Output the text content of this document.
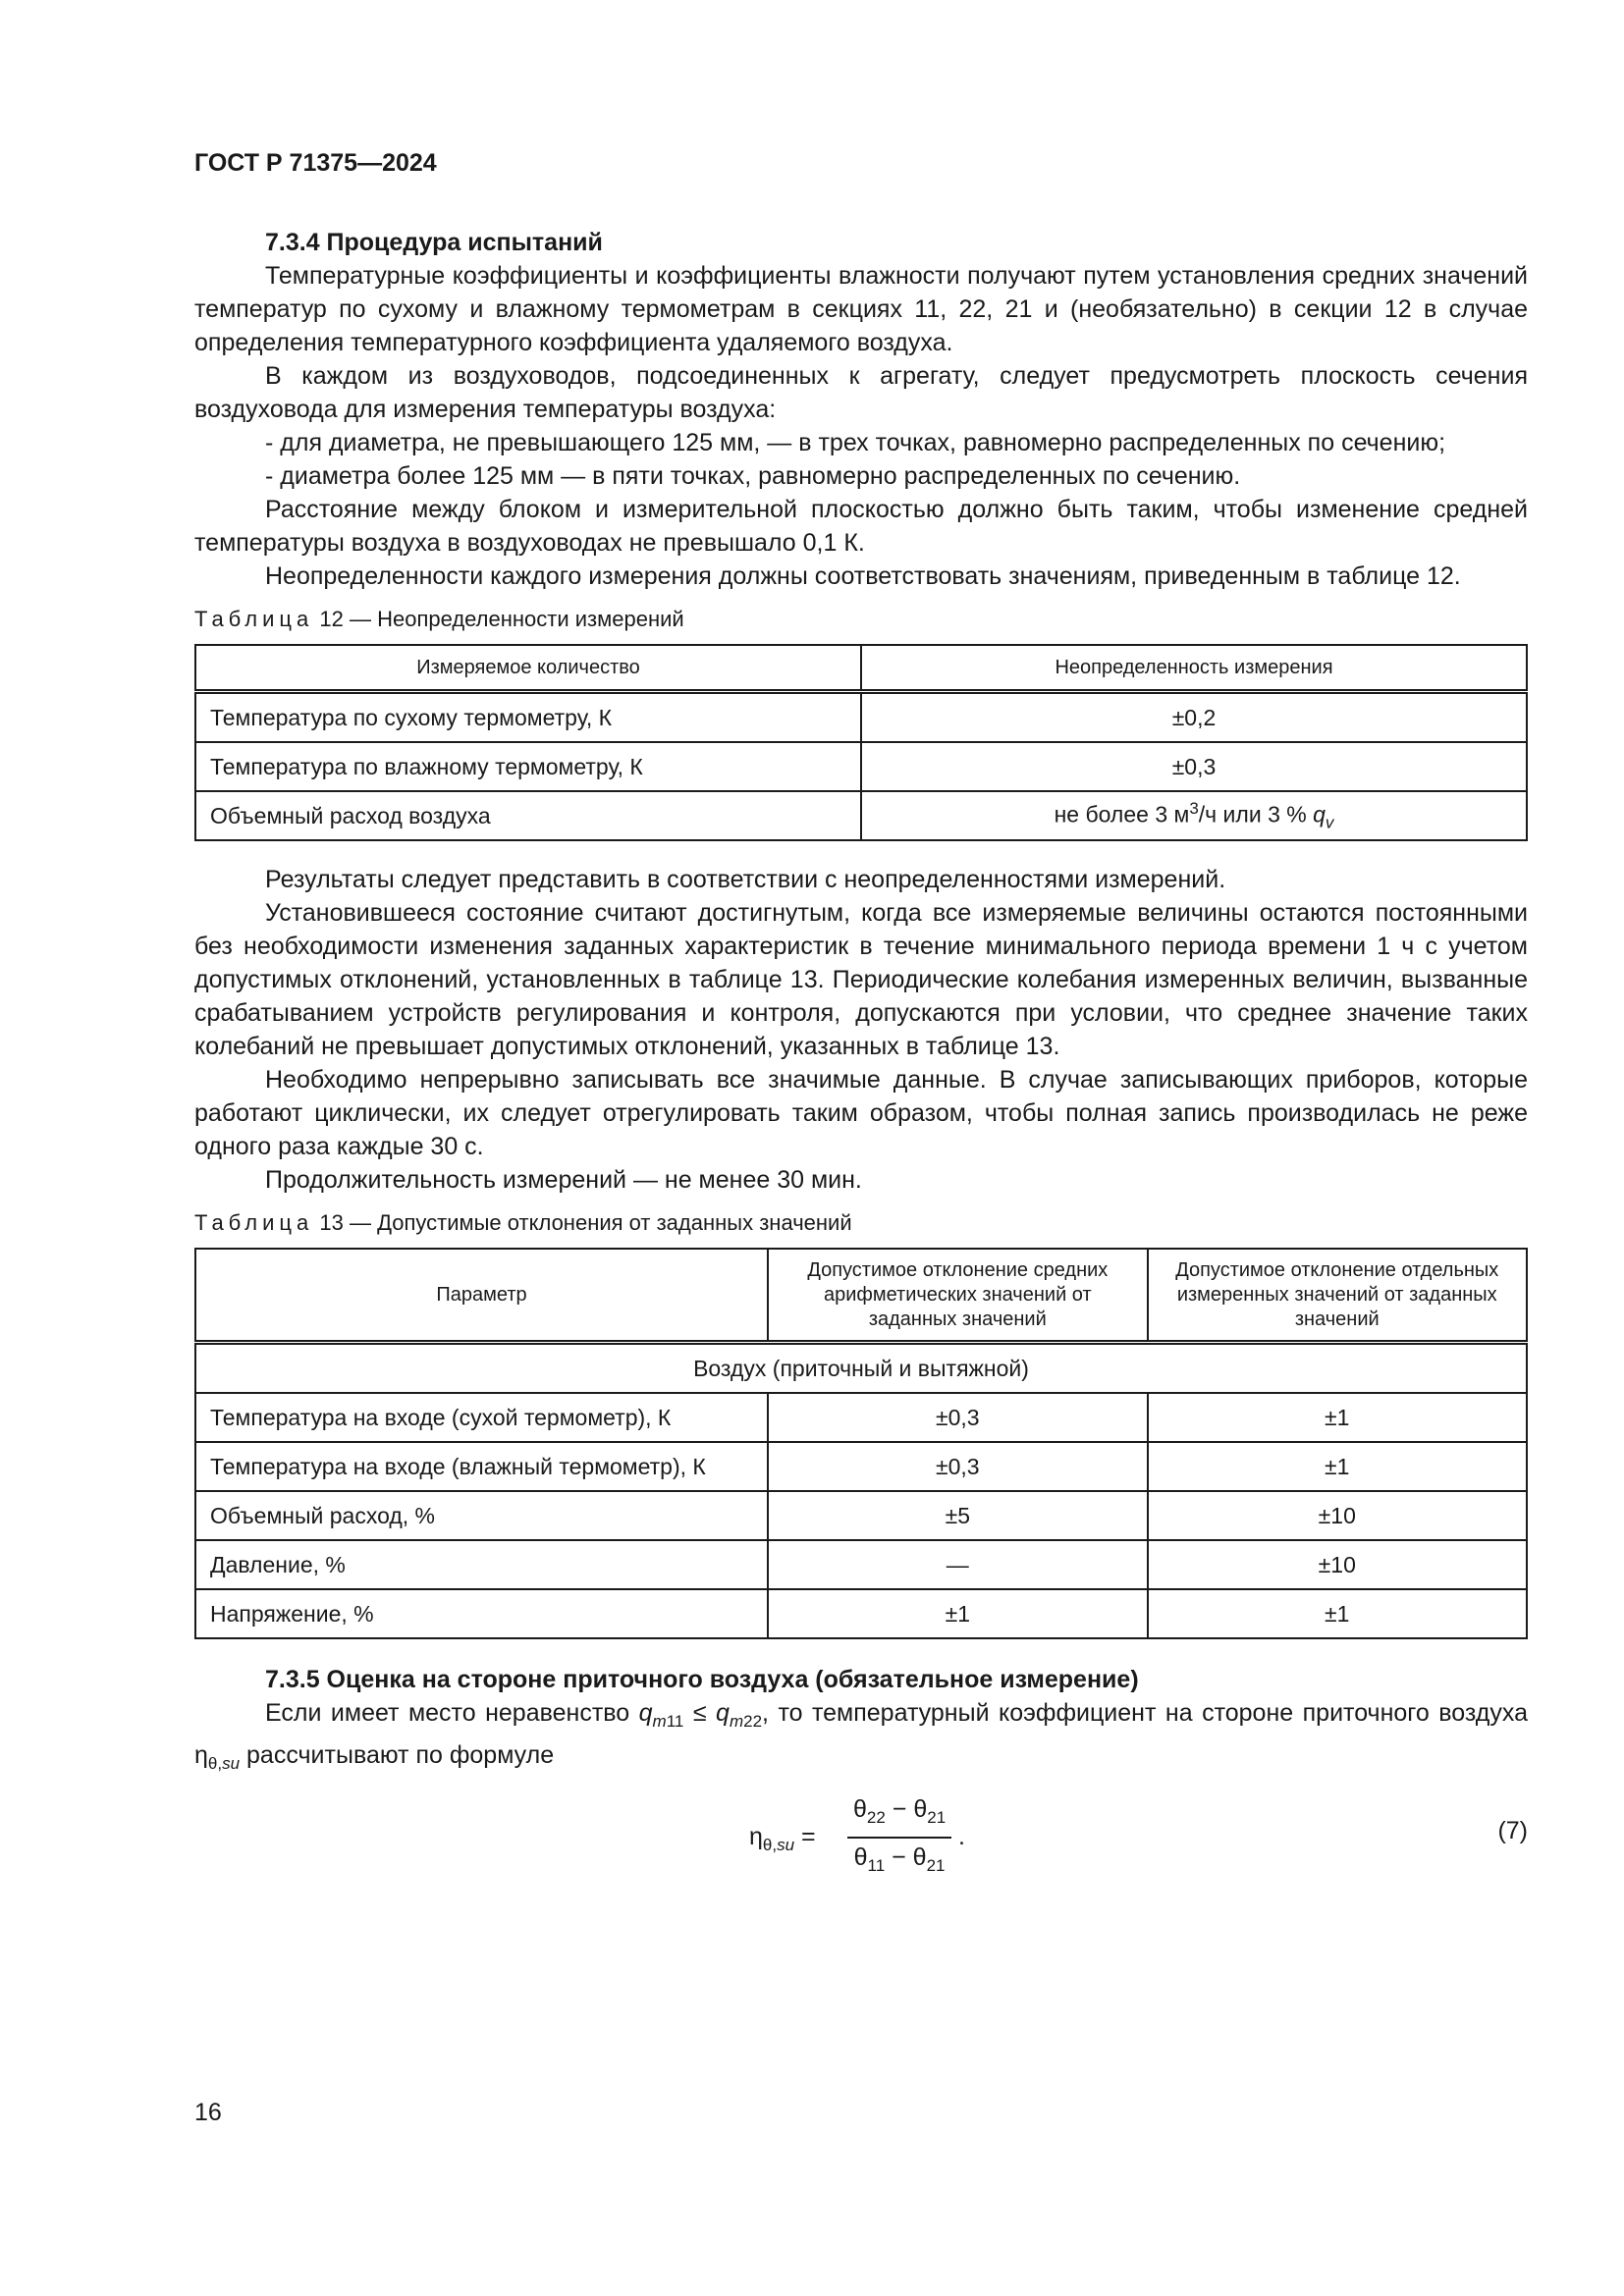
ГОСТ Р 71375—2024

7.3.4 Процедура испытаний

Температурные коэффициенты и коэффициенты влажности получают путем установления средних значений температур по сухому и влажному термометрам в секциях 11, 22, 21 и (необязательно) в секции 12 в случае определения температурного коэффициента удаляемого воздуха.

В каждом из воздуховодов, подсоединенных к агрегату, следует предусмотреть плоскость сечения воздуховода для измерения температуры воздуха:

- для диаметра, не превышающего 125 мм, — в трех точках, равномерно распределенных по сечению;

- диаметра более 125 мм — в пяти точках, равномерно распределенных по сечению.

Расстояние между блоком и измерительной плоскостью должно быть таким, чтобы изменение средней температуры воздуха в воздуховодах не превышало 0,1 К.

Неопределенности каждого измерения должны соответствовать значениям, приведенным в таблице 12.

Таблица 12 — Неопределенности измерений

Измеряемое количество	Неопределенность измерения
Температура по сухому термометру, К	±0,2
Температура по влажному термометру, К	±0,3
Объемный расход воздуха	не более 3 $м^3/ч$ или 3 % $q_v$

Результаты следует представить в соответствии с неопределенностями измерений.

Установившееся состояние считают достигнутым, когда все измеряемые величины остаются постоянными без необходимости изменения заданных характеристик в течение минимального периода времени 1 ч с учетом допустимых отклонений, установленных в таблице 13. Периодические колебания измеренных величин, вызванные срабатыванием устройств регулирования и контроля, допускаются при условии, что среднее значение таких колебаний не превышает допустимых отклонений, указанных в таблице 13.

Необходимо непрерывно записывать все значимые данные. В случае записывающих приборов, которые работают циклически, их следует отрегулировать таким образом, чтобы полная запись производилась не реже одного раза каждые 30 с.

Продолжительность измерений — не менее 30 мин.

Таблица 13 — Допустимые отклонения от заданных значений

Параметр	Допустимое отклонение средних арифметических значений от заданных значений	Допустимое отклонение отдельных измеренных значений от заданных значений
Воздух (приточный и вытяжной)		
Температура на входе (сухой термометр), К	±0,3	±1
Температура на входе (влажный термометр), К	±0,3	±1
Объемный расход, %	±5	±10
Давление, %	—	±10
Напряжение, %	±1	±1

7.3.5 Оценка на стороне приточного воздуха (обязательное измерение)

Если имеет место неравенство $q_{m11} \le q_{m22}$, то температурный коэффициент на стороне приточного воздуха $\eta_{\theta,su}$ рассчитывают по формуле

$\eta_{\theta,su} = \frac{\theta_{22} - \theta_{21}}{\theta_{11} - \theta_{21}}$ .	(7)
16
